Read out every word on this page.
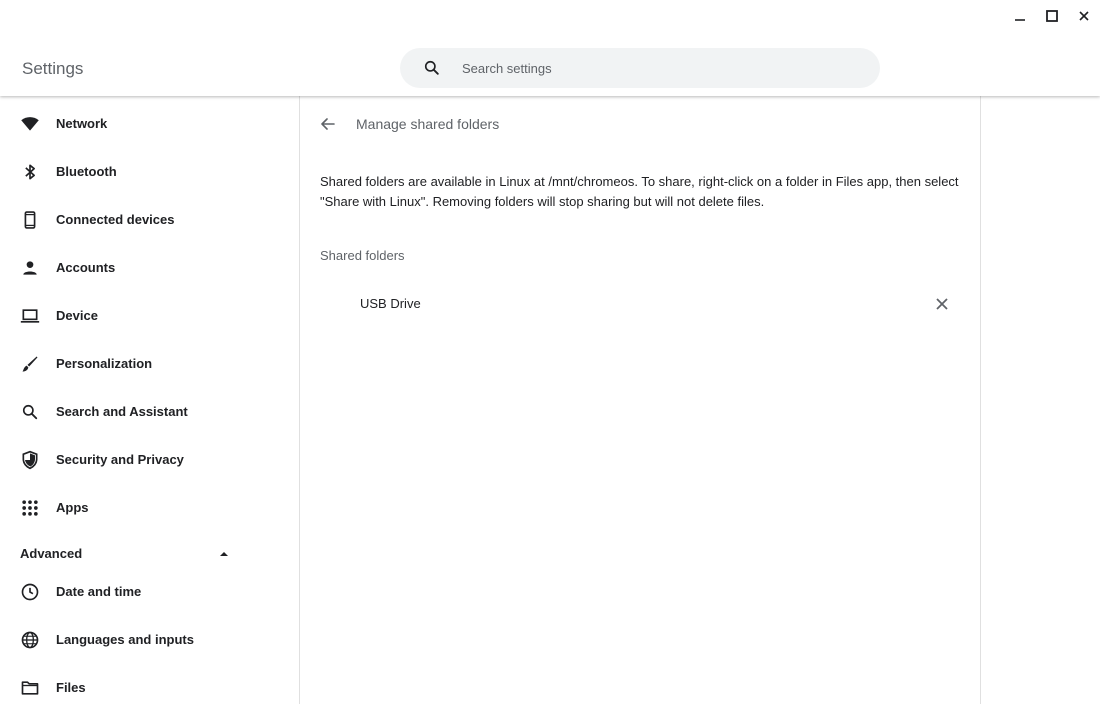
Settings
Search settings
Network
Bluetooth
Connected devices
Accounts
Device
Personalization
Search and Assistant
Security and Privacy
Apps
Advanced
Date and time
Languages and inputs
Files
Manage shared folders
Shared folders are available in Linux at /mnt/chromeos. To share, right-click on a folder in Files app, then select "Share with Linux". Removing folders will stop sharing but will not delete files.
Shared folders
USB Drive
